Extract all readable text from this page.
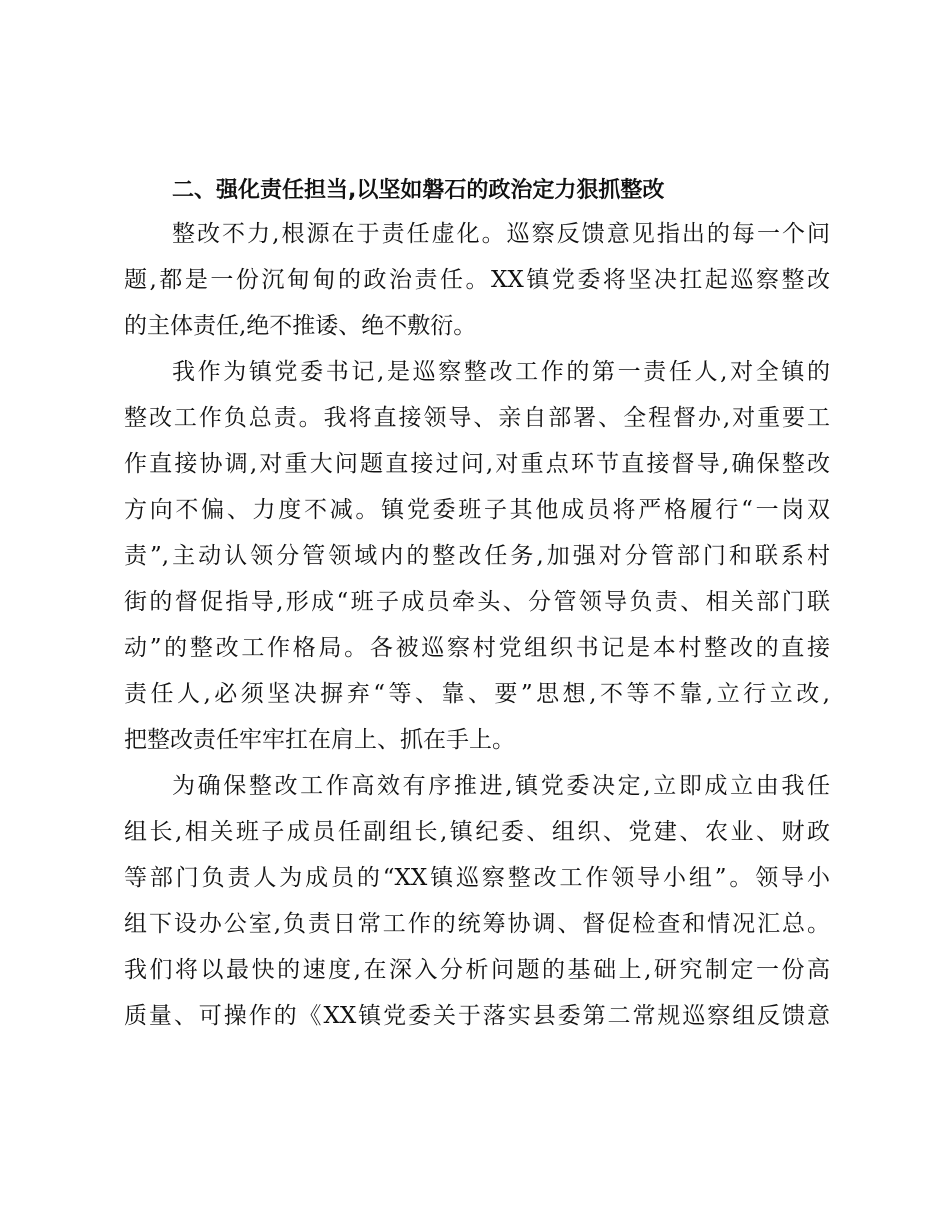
二、强化责任担当,以坚如磐石的政治定力狠抓整改
整改不力,根源在于责任虚化。巡察反馈意见指出的每一个问
题,都是一份沉甸甸的政治责任。XX镇党委将坚决扛起巡察整改
的主体责任,绝不推诿、绝不敷衍。
我作为镇党委书记,是巡察整改工作的第一责任人,对全镇的
整改工作负总责。我将直接领导、亲自部署、全程督办,对重要工
作直接协调,对重大问题直接过问,对重点环节直接督导,确保整改
方向不偏、力度不减。镇党委班子其他成员将严格履行“一岗双
责”,主动认领分管领域内的整改任务,加强对分管部门和联系村
街的督促指导,形成“班子成员牵头、分管领导负责、相关部门联
动”的整改工作格局。各被巡察村党组织书记是本村整改的直接
责任人,必须坚决摒弃“等、靠、要”思想,不等不靠,立行立改,
把整改责任牢牢扛在肩上、抓在手上。
为确保整改工作高效有序推进,镇党委决定,立即成立由我任
组长,相关班子成员任副组长,镇纪委、组织、党建、农业、财政
等部门负责人为成员的“XX镇巡察整改工作领导小组”。领导小
组下设办公室,负责日常工作的统筹协调、督促检查和情况汇总。
我们将以最快的速度,在深入分析问题的基础上,研究制定一份高
质量、可操作的《XX镇党委关于落实县委第二常规巡察组反馈意
